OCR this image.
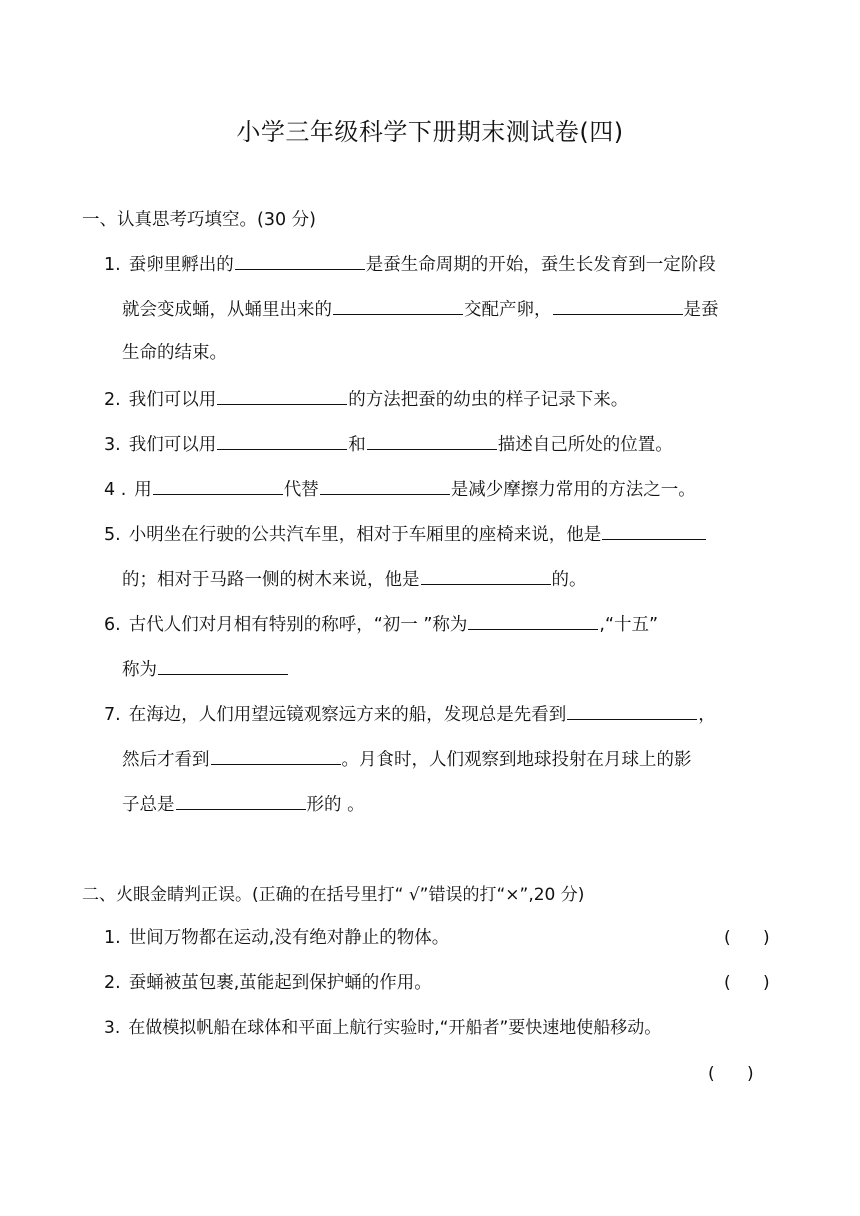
小学三年级科学下册期末测试卷(四)
一、认真思考巧填空。(30 分)
1. 蚕卵里孵出的	是蚕生命周期的开始，蚕生长发育到一定阶段
就会变成蛹，从蛹里出来的	交配产卵，	是蚕
生命的结束。
2. 我们可以用	的方法把蚕的幼虫的样子记录下来。
3. 我们可以用	和	描述自己所处的位置。
4 . 用	代替	是减少摩擦力常用的方法之一。
5. 小明坐在行驶的公共汽车里，相对于车厢里的座椅来说，他是
的；相对于马路一侧的树木来说，他是	的。
6. 古代人们对月相有特别的称呼，“初一 ”称为	,“十五”
称为
7. 在海边，人们用望远镜观察远方来的船，发现总是先看到	，
然后才看到	。月食时，人们观察到地球投射在月球上的影
子总是	形的 。
二、火眼金睛判正误。(正确的在括号里打“ √”错误的打“×”,20 分)
1. 世间万物都在运动,没有绝对静止的物体。	(      )
2. 蚕蛹被茧包裹,茧能起到保护蛹的作用。	(      )
3. 在做模拟帆船在球体和平面上航行实验时,“开船者”要快速地使船移动。
(      )
